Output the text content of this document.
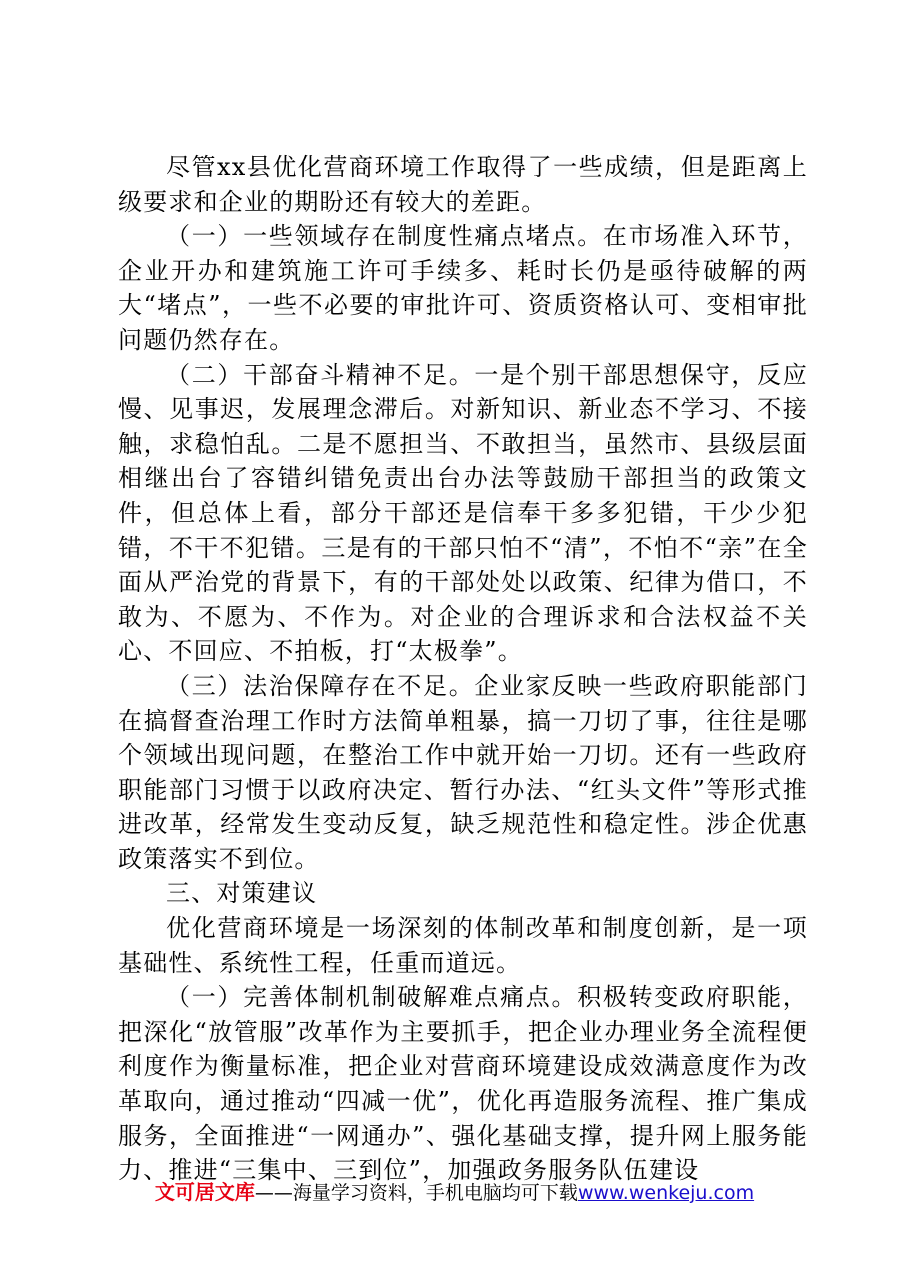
尽管xx县优化营商环境工作取得了一些成绩，但是距离上级要求和企业的期盼还有较大的差距。

（一）一些领域存在制度性痛点堵点。在市场准入环节，企业开办和建筑施工许可手续多、耗时长仍是亟待破解的两大“堵点”，一些不必要的审批许可、资质资格认可、变相审批问题仍然存在。

（二）干部奋斗精神不足。一是个别干部思想保守，反应慢、见事迟，发展理念滞后。对新知识、新业态不学习、不接触，求稳怕乱。二是不愿担当、不敢担当，虽然市、县级层面相继出台了容错纠错免责出台办法等鼓励干部担当的政策文件，但总体上看，部分干部还是信奉干多多犯错，干少少犯错，不干不犯错。三是有的干部只怕不“清”，不怕不“亲”在全面从严治党的背景下，有的干部处处以政策、纪律为借口，不敢为、不愿为、不作为。对企业的合理诉求和合法权益不关心、不回应、不拍板，打“太极拳”。

（三）法治保障存在不足。企业家反映一些政府职能部门在搞督查治理工作时方法简单粗暴，搞一刀切了事，往往是哪个领域出现问题，在整治工作中就开始一刀切。还有一些政府职能部门习惯于以政府决定、暂行办法、“红头文件”等形式推进改革，经常发生变动反复，缺乏规范性和稳定性。涉企优惠政策落实不到位。

三、对策建议

优化营商环境是一场深刻的体制改革和制度创新，是一项基础性、系统性工程，任重而道远。

（一）完善体制机制破解难点痛点。积极转变政府职能，把深化“放管服”改革作为主要抓手，把企业办理业务全流程便利度作为衡量标准，把企业对营商环境建设成效满意度作为改革取向，通过推动“四减一优”，优化再造服务流程、推广集成服务，全面推进“一网通办”、强化基础支撑，提升网上服务能力、推进“三集中、三到位”，加强政务服务队伍建设

文可居文库——海量学习资料，手机电脑均可下载www.wenkeju.com
